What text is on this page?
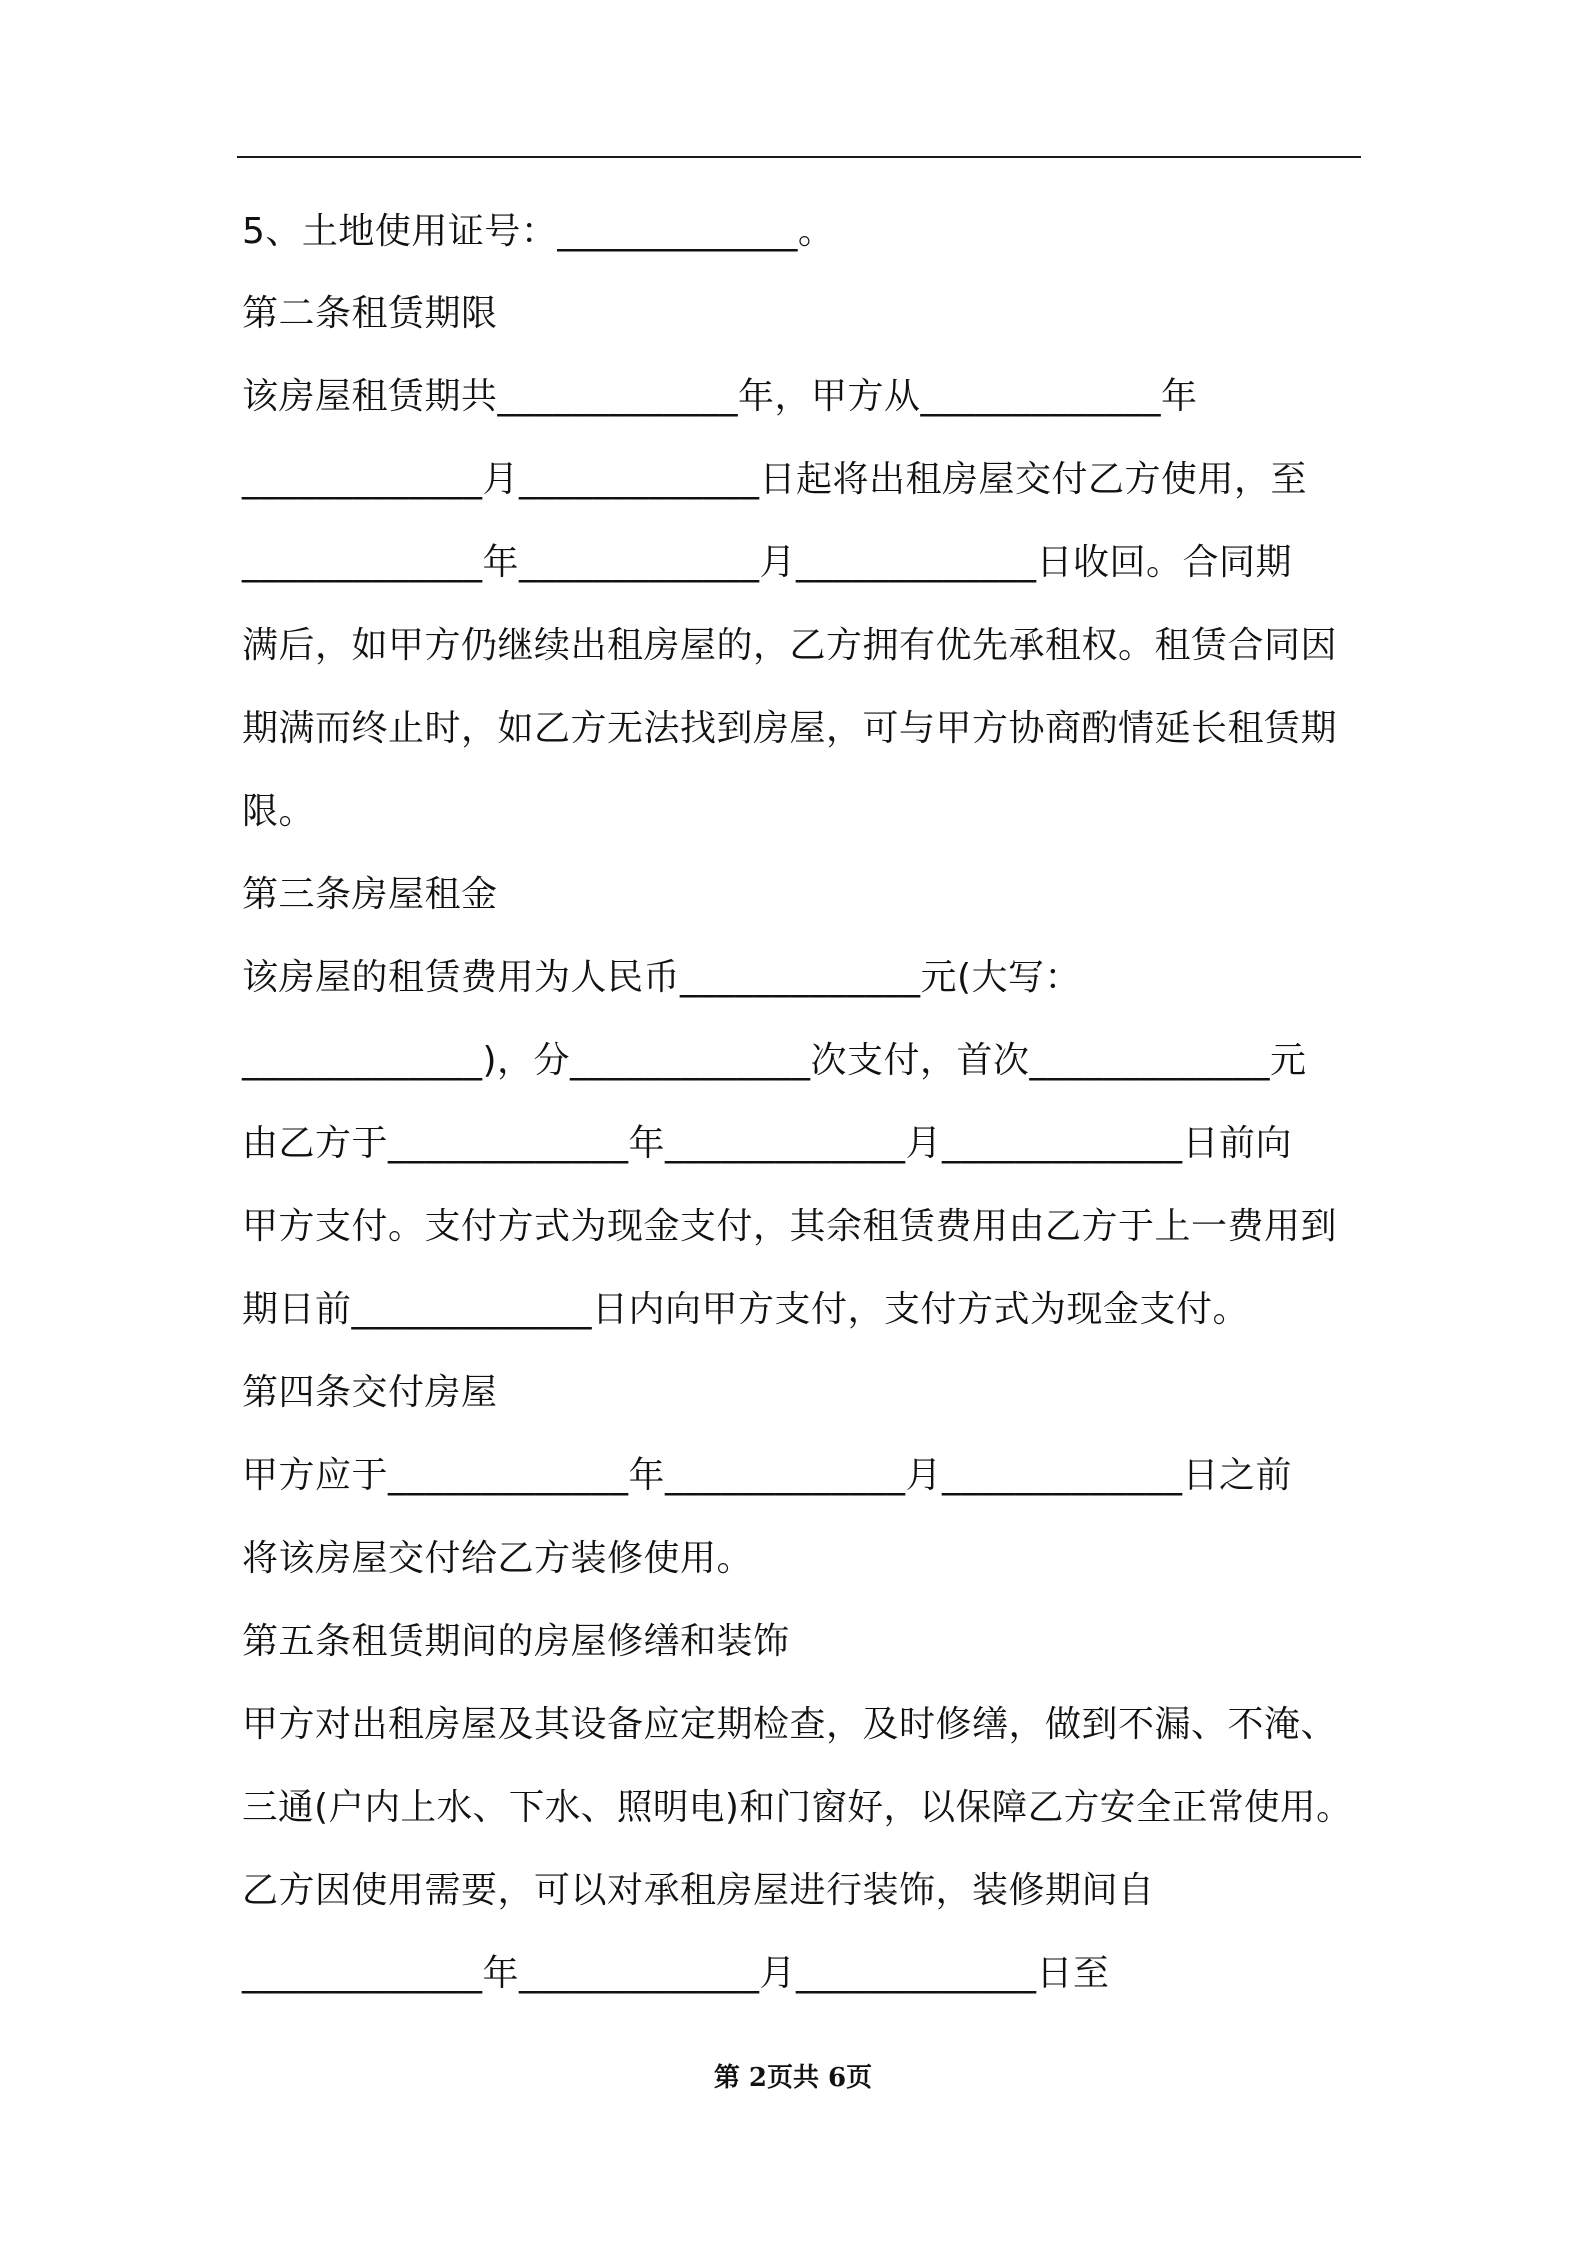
5、土地使用证号：_____________。
第二条租赁期限
该房屋租赁期共_____________年，甲方从_____________年
_____________月_____________日起将出租房屋交付乙方使用，至
_____________年_____________月_____________日收回。合同期
满后，如甲方仍继续出租房屋的，乙方拥有优先承租权。租赁合同因
期满而终止时，如乙方无法找到房屋，可与甲方协商酌情延长租赁期
限。
第三条房屋租金
该房屋的租赁费用为人民币_____________元(大写：
_____________)，分_____________次支付，首次_____________元
由乙方于_____________年_____________月_____________日前向
甲方支付。支付方式为现金支付，其余租赁费用由乙方于上一费用到
期日前_____________日内向甲方支付，支付方式为现金支付。
第四条交付房屋
甲方应于_____________年_____________月_____________日之前
将该房屋交付给乙方装修使用。
第五条租赁期间的房屋修缮和装饰
甲方对出租房屋及其设备应定期检查，及时修缮，做到不漏、不淹、
三通(户内上水、下水、照明电)和门窗好，以保障乙方安全正常使用。
乙方因使用需要，可以对承租房屋进行装饰，装修期间自
_____________年_____________月_____________日至
第 2页共 6页
